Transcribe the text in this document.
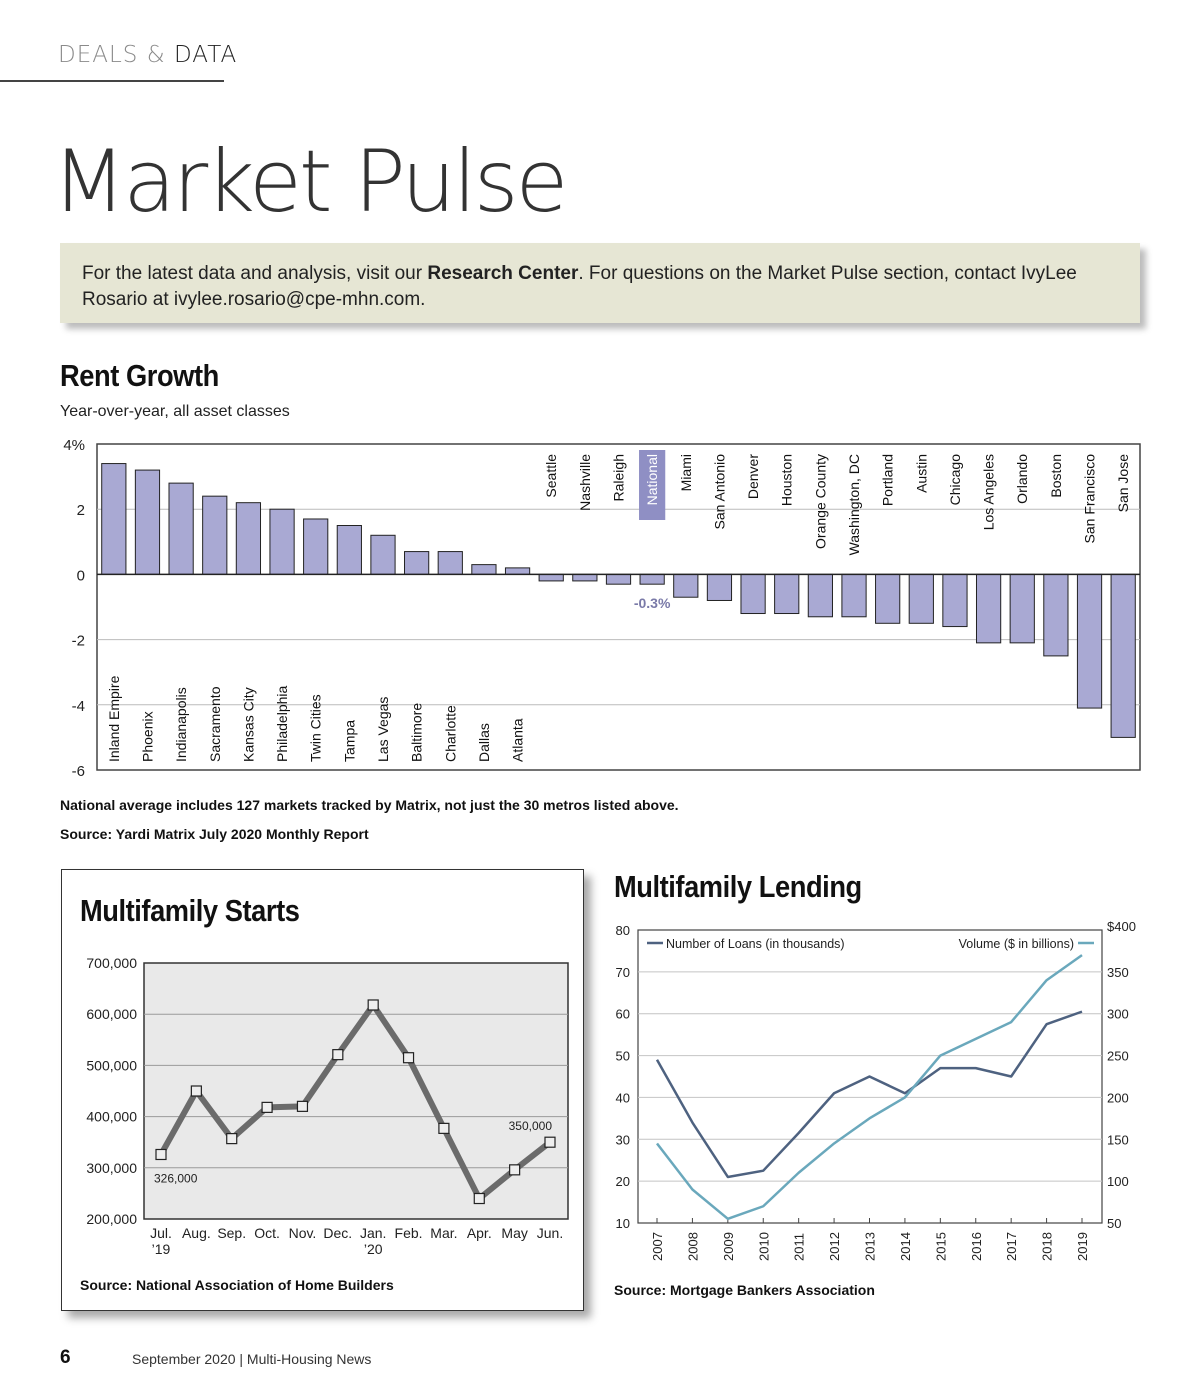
DEALS & DATA
Market Pulse
For the latest data and analysis, visit our Research Center. For questions on the Market Pulse section, contact IvyLee Rosario at ivylee.rosario@cpe-mhn.com.
Rent Growth
Year-over-year, all asset classes
4%
2
0
-2
-4
-6
Inland Empire Phoenix Indianapolis Sacramento Kansas City Philadelphia Twin Cities Tampa Las Vegas Baltimore Charlotte Dallas Atlanta
Seattle Nashville Raleigh National
-0.3%
Miami San Antonio Denver Houston Orange County Washington, DC Portland Austin Chicago Los Angeles Orlando Boston San Francisco San Jose
National average includes 127 markets tracked by Matrix, not just the 30 metros listed above.
Source: Yardi Matrix July 2020 Monthly Report
Multifamily Starts
700,000
600,000
500,000
400,000
300,000
200,000
Jul. ’19
Aug. Sep. Oct. Nov. Dec. Jan. ’20
Feb. Mar. Apr. May Jun.
326,000
350,000
Source: National Association of Home Builders
Multifamily Lending
80
70
60
50
40
30
20
10
$400
350
300
250
200
150
100
50
2007 2008 2009 2010 2011 2012 2013 2014 2015 2016 2017 2018 2019
Number of Loans (in thousands)	Volume ($ in billions)
Source: Mortgage Bankers Association
6	September 2020 | Multi-Housing News
